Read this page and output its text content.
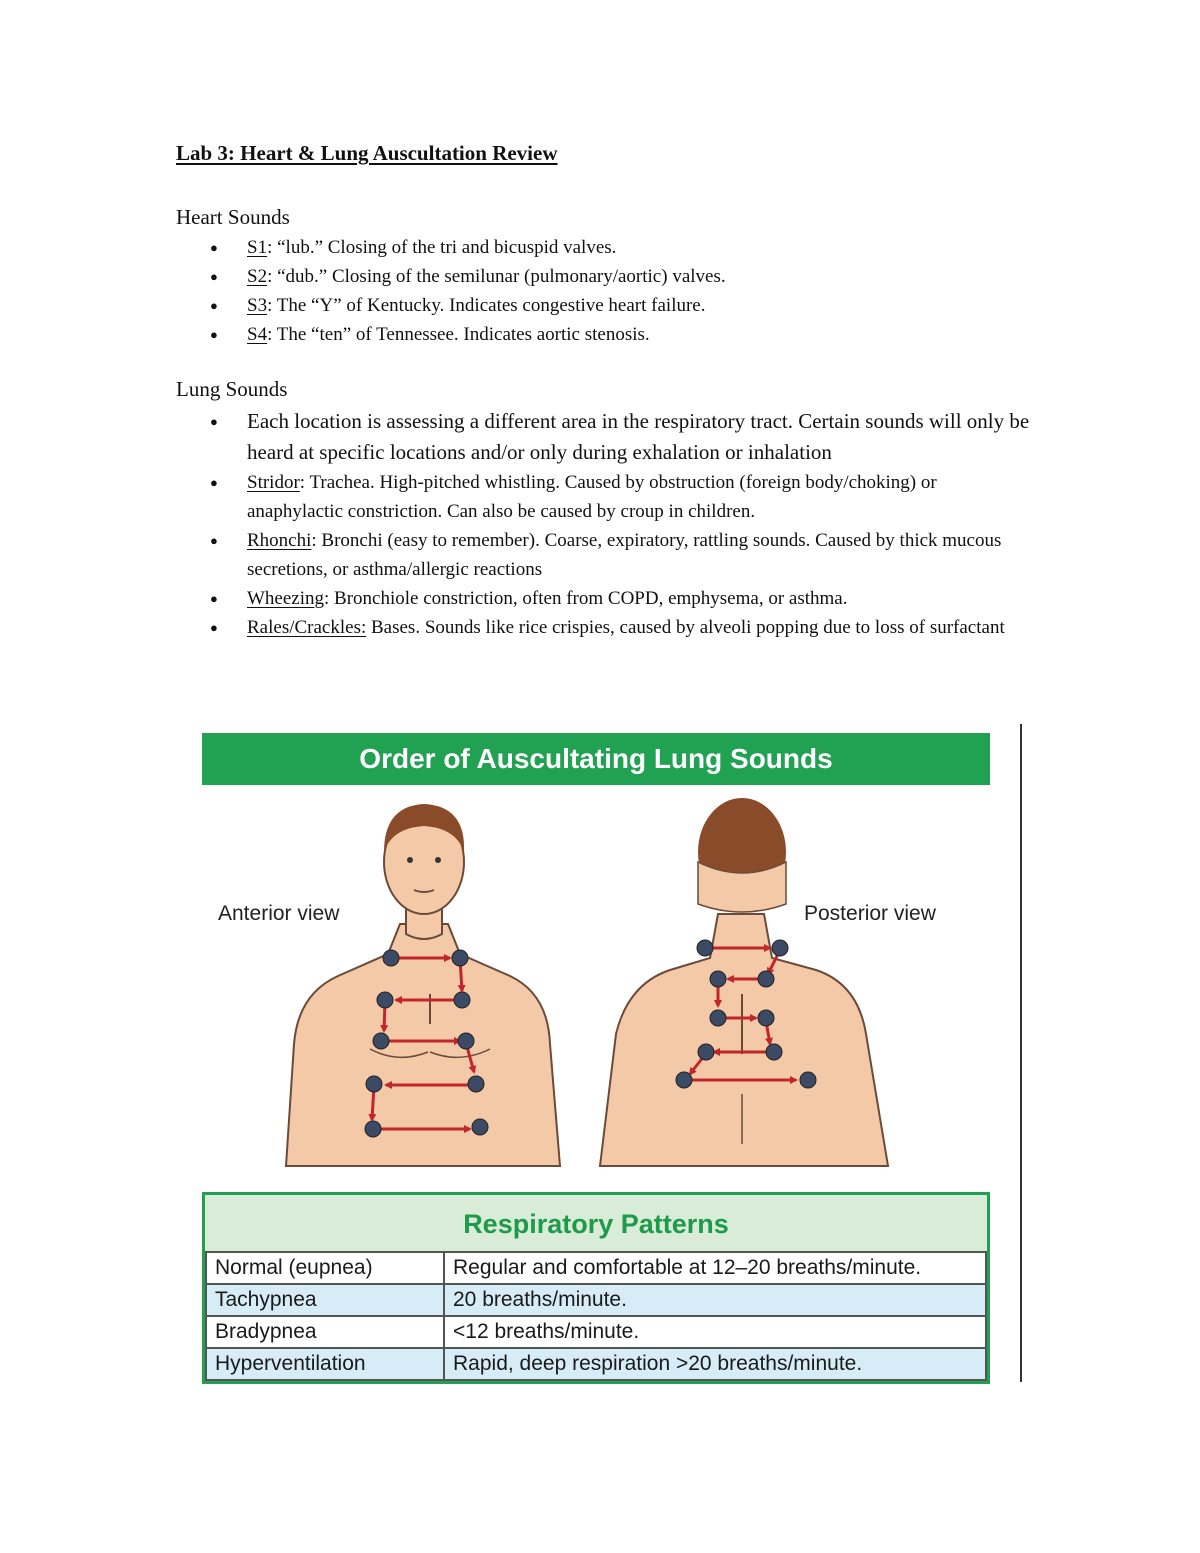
Lab 3: Heart & Lung Auscultation Review
Heart Sounds
● S1: “lub.” Closing of the tri and bicuspid valves.
● S2: “dub.” Closing of the semilunar (pulmonary/aortic) valves.
● S3: The “Y” of Kentucky. Indicates congestive heart failure.
● S4: The “ten” of Tennessee. Indicates aortic stenosis.
Lung Sounds
● Each location is assessing a different area in the respiratory tract. Certain sounds will only be heard at specific locations and/or only during exhalation or inhalation
● Stridor: Trachea. High-pitched whistling. Caused by obstruction (foreign body/choking) or anaphylactic constriction. Can also be caused by croup in children.
● Rhonchi: Bronchi (easy to remember). Coarse, expiratory, rattling sounds. Caused by thick mucous secretions, or asthma/allergic reactions
● Wheezing: Bronchiole constriction, often from COPD, emphysema, or asthma.
● Rales/Crackles: Bases. Sounds like rice crispies, caused by alveoli popping due to loss of surfactant
Order of Auscultating Lung Sounds
Anterior view	Posterior view
Respiratory Patterns
Normal (eupnea)	Regular and comfortable at 12–20 breaths/minute.
Tachypnea	20 breaths/minute.
Bradypnea	<12 breaths/minute.
Hyperventilation	Rapid, deep respiration >20 breaths/minute.
